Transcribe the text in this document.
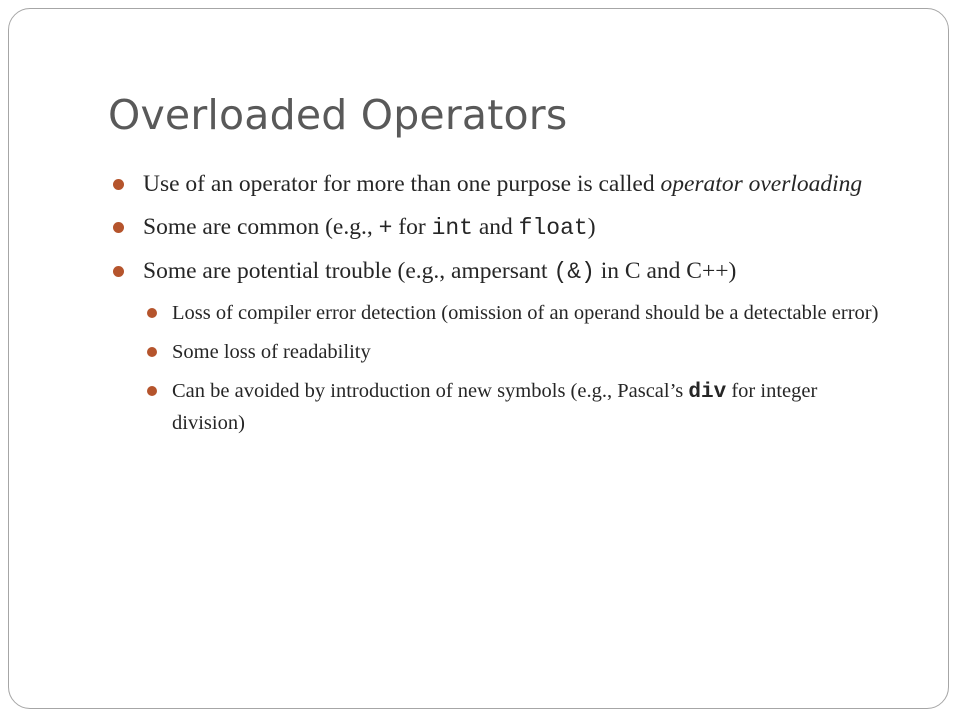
Overloaded Operators
Use of an operator for more than one purpose is called operator overloading
Some are common (e.g., + for int and float)
Some are potential trouble (e.g., ampersant (&) in C and C++)
Loss of compiler error detection (omission of an operand should be a detectable error)
Some loss of readability
Can be avoided by introduction of new symbols (e.g., Pascal’s div for integer division)
